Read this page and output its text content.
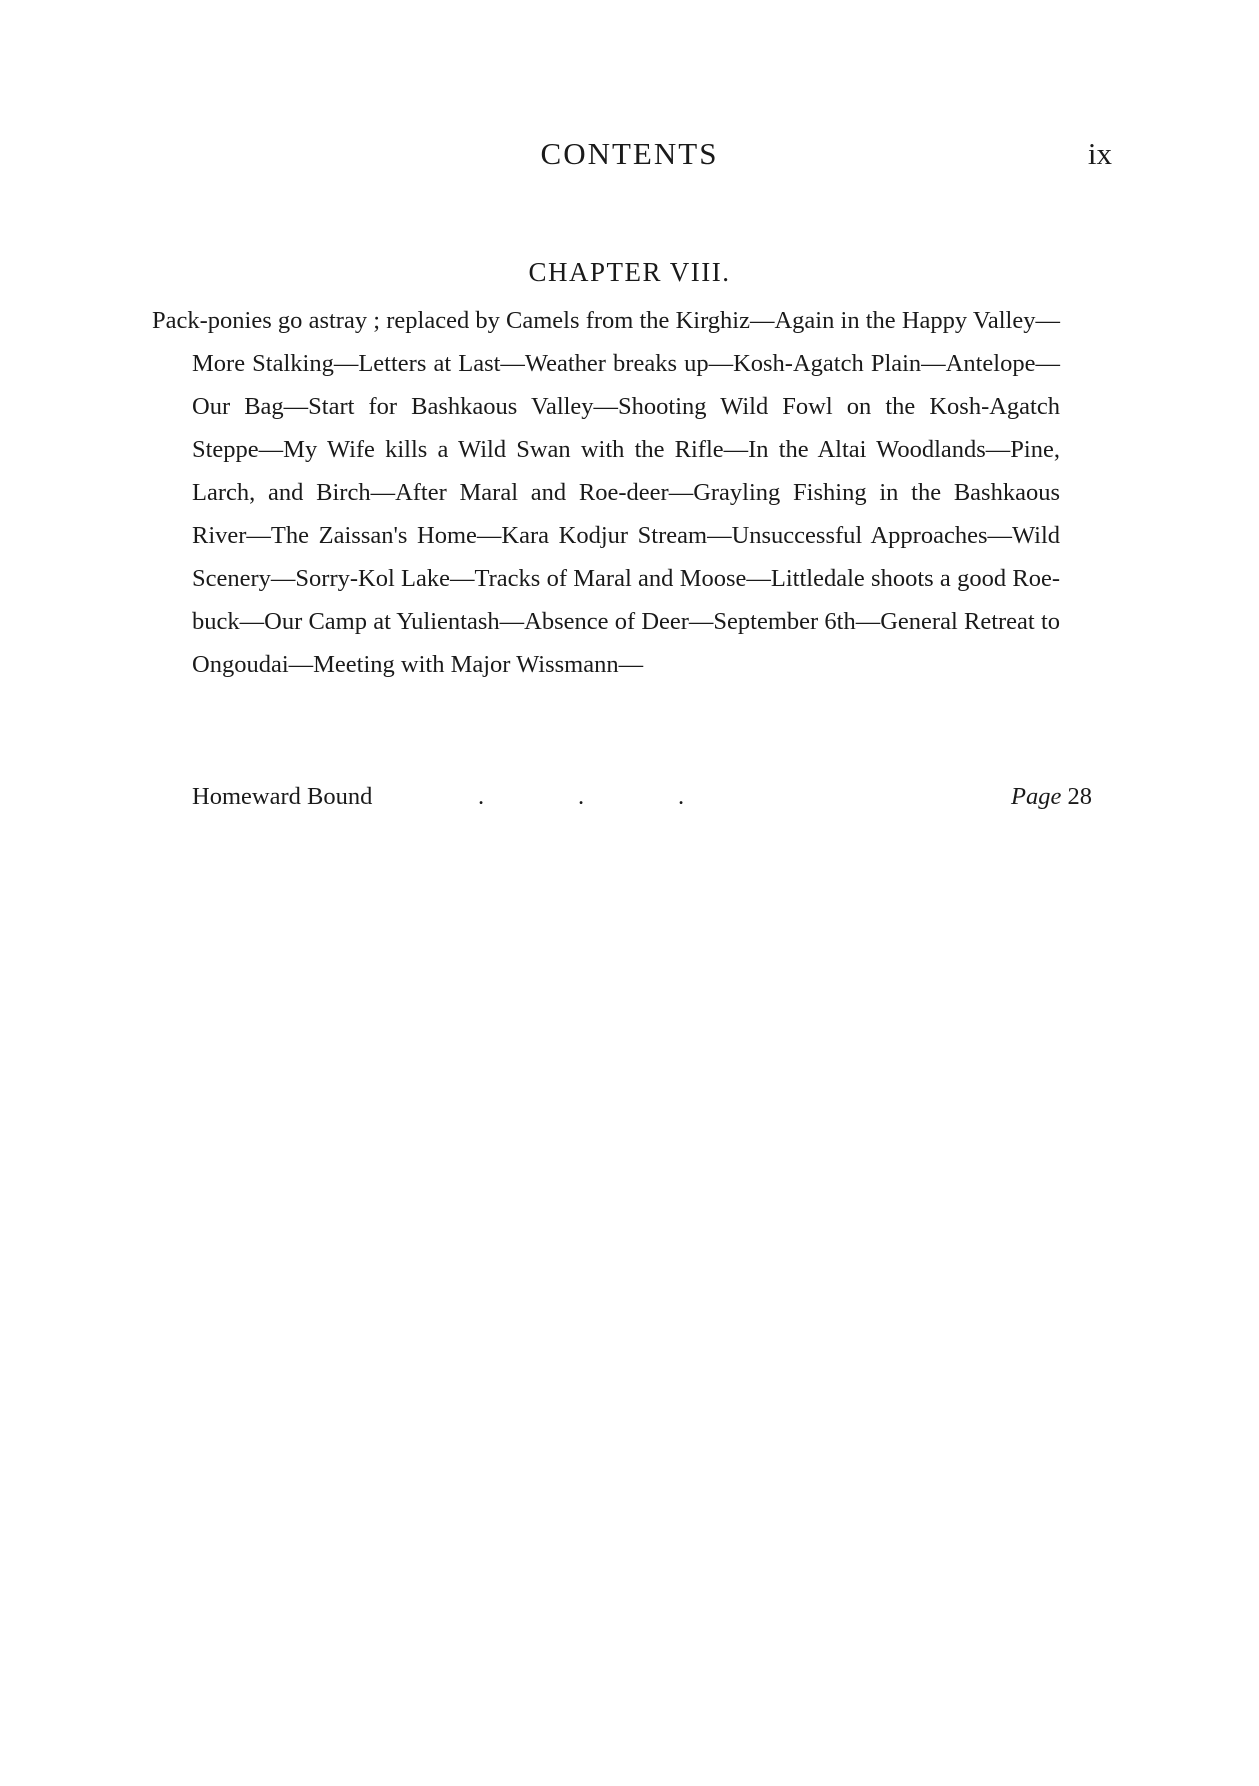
CONTENTS	ix
CHAPTER VIII.
Pack-ponies go astray ; replaced by Camels from the Kirghiz—Again in the Happy Valley—More Stalking—Letters at Last—Weather breaks up—Kosh-Agatch Plain—Antelope—Our Bag—Start for Bashkaous Valley—Shooting Wild Fowl on the Kosh-Agatch Steppe—My Wife kills a Wild Swan with the Rifle—In the Altai Woodlands—Pine, Larch, and Birch—After Maral and Roe-deer—Grayling Fishing in the Bashkaous River—The Zaissan's Home—Kara Kodjur Stream—Unsuccessful Approaches—Wild Scenery—Sorry-Kol Lake—Tracks of Maral and Moose—Littledale shoots a good Roe-buck—Our Camp at Yulientash—Absence of Deer—September 6th—General Retreat to Ongoudai—Meeting with Major Wissmann—
Homeward Bound	.	.	.	Page 28
